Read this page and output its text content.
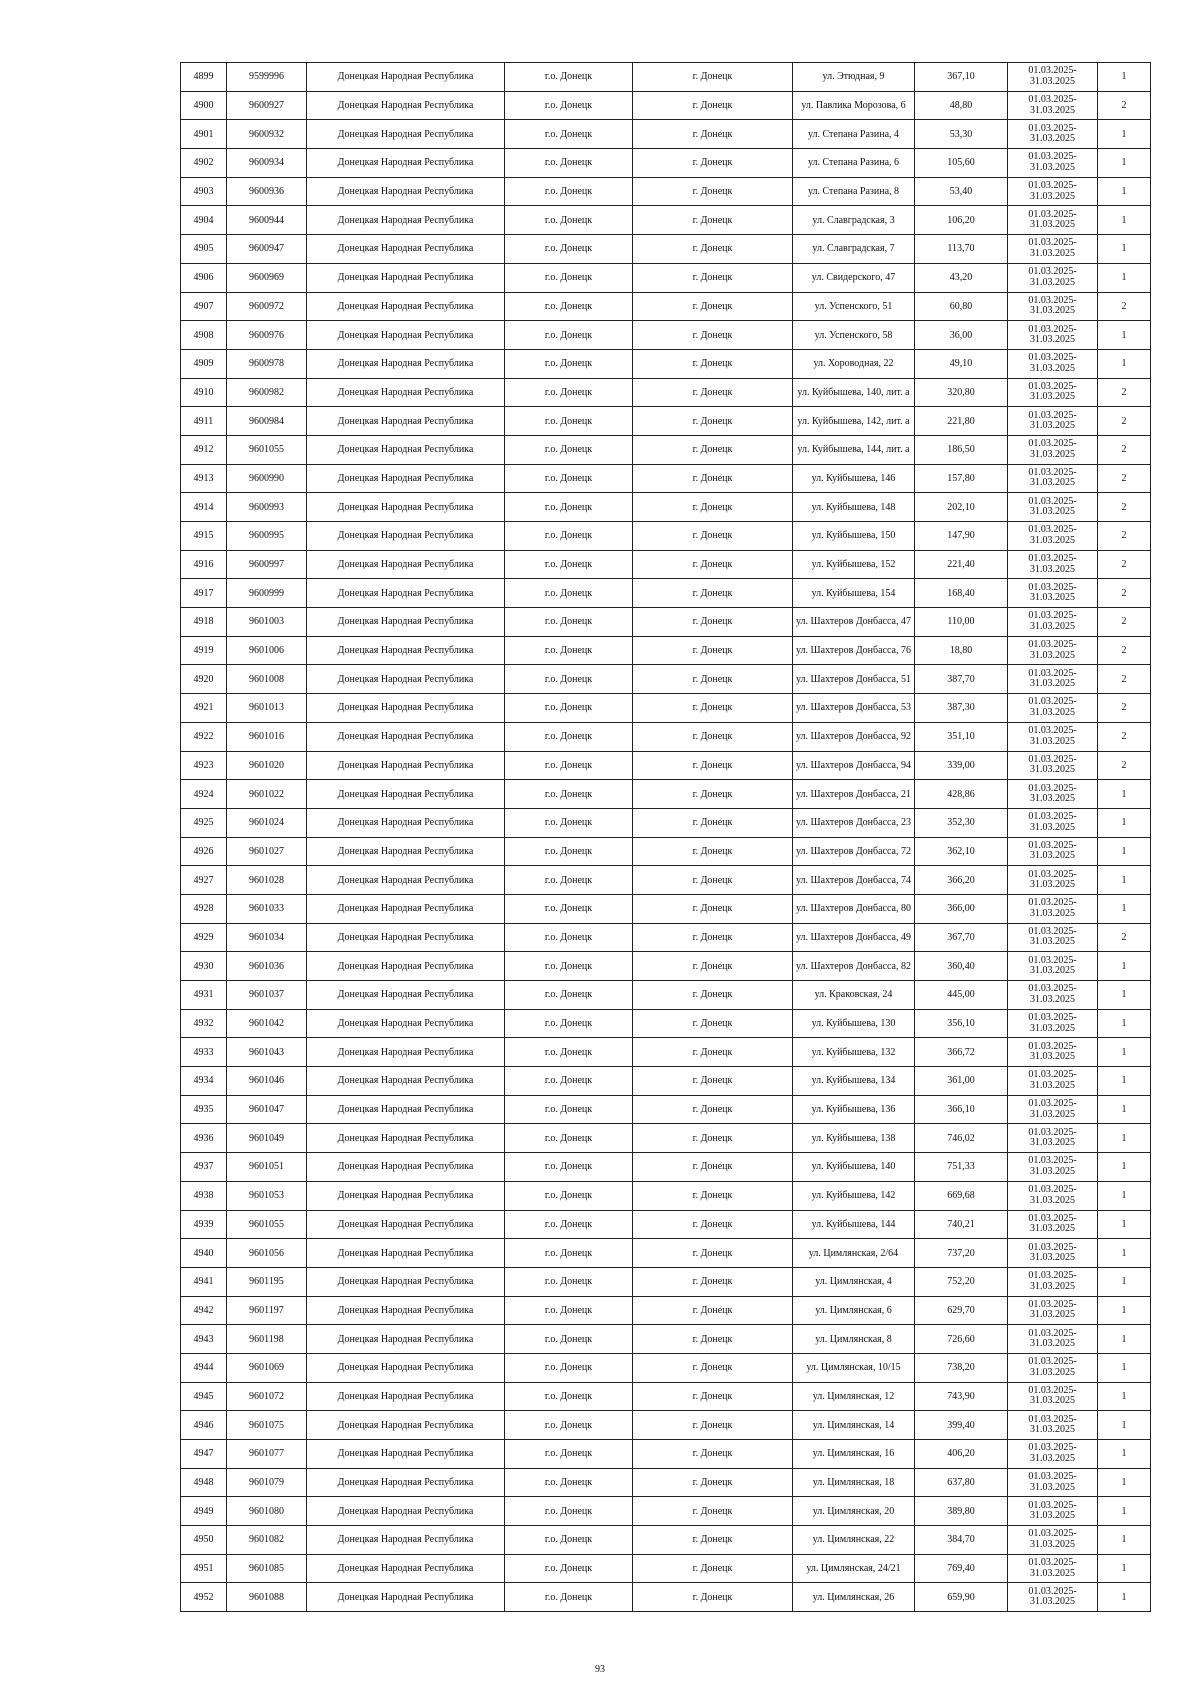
4899	9599996	Донецкая Народная Республика	г.о. Донецк	г. Донецк	ул. Этюдная, 9	367,10	01.03.2025-
31.03.2025	1
4900	9600927	Донецкая Народная Республика	г.о. Донецк	г. Донецк	ул. Павлика Морозова, 6	48,80	01.03.2025-
31.03.2025	2
4901	9600932	Донецкая Народная Республика	г.о. Донецк	г. Донецк	ул. Степана Разина, 4	53,30	01.03.2025-
31.03.2025	1
4902	9600934	Донецкая Народная Республика	г.о. Донецк	г. Донецк	ул. Степана Разина, 6	105,60	01.03.2025-
31.03.2025	1
4903	9600936	Донецкая Народная Республика	г.о. Донецк	г. Донецк	ул. Степана Разина, 8	53,40	01.03.2025-
31.03.2025	1
4904	9600944	Донецкая Народная Республика	г.о. Донецк	г. Донецк	ул. Славградская, 3	106,20	01.03.2025-
31.03.2025	1
4905	9600947	Донецкая Народная Республика	г.о. Донецк	г. Донецк	ул. Славградская, 7	113,70	01.03.2025-
31.03.2025	1
4906	9600969	Донецкая Народная Республика	г.о. Донецк	г. Донецк	ул. Свидерского, 47	43,20	01.03.2025-
31.03.2025	1
4907	9600972	Донецкая Народная Республика	г.о. Донецк	г. Донецк	ул. Успенского, 51	60,80	01.03.2025-
31.03.2025	2
4908	9600976	Донецкая Народная Республика	г.о. Донецк	г. Донецк	ул. Успенского, 58	36,00	01.03.2025-
31.03.2025	1
4909	9600978	Донецкая Народная Республика	г.о. Донецк	г. Донецк	ул. Хороводная, 22	49,10	01.03.2025-
31.03.2025	1
4910	9600982	Донецкая Народная Республика	г.о. Донецк	г. Донецк	ул. Куйбышева, 140, лит. а	320,80	01.03.2025-
31.03.2025	2
4911	9600984	Донецкая Народная Республика	г.о. Донецк	г. Донецк	ул. Куйбышева, 142, лит. а	221,80	01.03.2025-
31.03.2025	2
4912	9601055	Донецкая Народная Республика	г.о. Донецк	г. Донецк	ул. Куйбышева, 144, лит. а	186,50	01.03.2025-
31.03.2025	2
4913	9600990	Донецкая Народная Республика	г.о. Донецк	г. Донецк	ул. Куйбышева, 146	157,80	01.03.2025-
31.03.2025	2
4914	9600993	Донецкая Народная Республика	г.о. Донецк	г. Донецк	ул. Куйбышева, 148	202,10	01.03.2025-
31.03.2025	2
4915	9600995	Донецкая Народная Республика	г.о. Донецк	г. Донецк	ул. Куйбышева, 150	147,90	01.03.2025-
31.03.2025	2
4916	9600997	Донецкая Народная Республика	г.о. Донецк	г. Донецк	ул. Куйбышева, 152	221,40	01.03.2025-
31.03.2025	2
4917	9600999	Донецкая Народная Республика	г.о. Донецк	г. Донецк	ул. Куйбышева, 154	168,40	01.03.2025-
31.03.2025	2
4918	9601003	Донецкая Народная Республика	г.о. Донецк	г. Донецк	ул. Шахтеров Донбасса, 47	110,00	01.03.2025-
31.03.2025	2
4919	9601006	Донецкая Народная Республика	г.о. Донецк	г. Донецк	ул. Шахтеров Донбасса, 76	18,80	01.03.2025-
31.03.2025	2
4920	9601008	Донецкая Народная Республика	г.о. Донецк	г. Донецк	ул. Шахтеров Донбасса, 51	387,70	01.03.2025-
31.03.2025	2
4921	9601013	Донецкая Народная Республика	г.о. Донецк	г. Донецк	ул. Шахтеров Донбасса, 53	387,30	01.03.2025-
31.03.2025	2
4922	9601016	Донецкая Народная Республика	г.о. Донецк	г. Донецк	ул. Шахтеров Донбасса, 92	351,10	01.03.2025-
31.03.2025	2
4923	9601020	Донецкая Народная Республика	г.о. Донецк	г. Донецк	ул. Шахтеров Донбасса, 94	339,00	01.03.2025-
31.03.2025	2
4924	9601022	Донецкая Народная Республика	г.о. Донецк	г. Донецк	ул. Шахтеров Донбасса, 21	428,86	01.03.2025-
31.03.2025	1
4925	9601024	Донецкая Народная Республика	г.о. Донецк	г. Донецк	ул. Шахтеров Донбасса, 23	352,30	01.03.2025-
31.03.2025	1
4926	9601027	Донецкая Народная Республика	г.о. Донецк	г. Донецк	ул. Шахтеров Донбасса, 72	362,10	01.03.2025-
31.03.2025	1
4927	9601028	Донецкая Народная Республика	г.о. Донецк	г. Донецк	ул. Шахтеров Донбасса, 74	366,20	01.03.2025-
31.03.2025	1
4928	9601033	Донецкая Народная Республика	г.о. Донецк	г. Донецк	ул. Шахтеров Донбасса, 80	366,00	01.03.2025-
31.03.2025	1
4929	9601034	Донецкая Народная Республика	г.о. Донецк	г. Донецк	ул. Шахтеров Донбасса, 49	367,70	01.03.2025-
31.03.2025	2
4930	9601036	Донецкая Народная Республика	г.о. Донецк	г. Донецк	ул. Шахтеров Донбасса, 82	360,40	01.03.2025-
31.03.2025	1
4931	9601037	Донецкая Народная Республика	г.о. Донецк	г. Донецк	ул. Краковская, 24	445,00	01.03.2025-
31.03.2025	1
4932	9601042	Донецкая Народная Республика	г.о. Донецк	г. Донецк	ул. Куйбышева, 130	356,10	01.03.2025-
31.03.2025	1
4933	9601043	Донецкая Народная Республика	г.о. Донецк	г. Донецк	ул. Куйбышева, 132	366,72	01.03.2025-
31.03.2025	1
4934	9601046	Донецкая Народная Республика	г.о. Донецк	г. Донецк	ул. Куйбышева, 134	361,00	01.03.2025-
31.03.2025	1
4935	9601047	Донецкая Народная Республика	г.о. Донецк	г. Донецк	ул. Куйбышева, 136	366,10	01.03.2025-
31.03.2025	1
4936	9601049	Донецкая Народная Республика	г.о. Донецк	г. Донецк	ул. Куйбышева, 138	746,02	01.03.2025-
31.03.2025	1
4937	9601051	Донецкая Народная Республика	г.о. Донецк	г. Донецк	ул. Куйбышева, 140	751,33	01.03.2025-
31.03.2025	1
4938	9601053	Донецкая Народная Республика	г.о. Донецк	г. Донецк	ул. Куйбышева, 142	669,68	01.03.2025-
31.03.2025	1
4939	9601055	Донецкая Народная Республика	г.о. Донецк	г. Донецк	ул. Куйбышева, 144	740,21	01.03.2025-
31.03.2025	1
4940	9601056	Донецкая Народная Республика	г.о. Донецк	г. Донецк	ул. Цимлянская, 2/64	737,20	01.03.2025-
31.03.2025	1
4941	9601195	Донецкая Народная Республика	г.о. Донецк	г. Донецк	ул. Цимлянская, 4	752,20	01.03.2025-
31.03.2025	1
4942	9601197	Донецкая Народная Республика	г.о. Донецк	г. Донецк	ул. Цимлянская, 6	629,70	01.03.2025-
31.03.2025	1
4943	9601198	Донецкая Народная Республика	г.о. Донецк	г. Донецк	ул. Цимлянская, 8	726,60	01.03.2025-
31.03.2025	1
4944	9601069	Донецкая Народная Республика	г.о. Донецк	г. Донецк	ул. Цимлянская, 10/15	738,20	01.03.2025-
31.03.2025	1
4945	9601072	Донецкая Народная Республика	г.о. Донецк	г. Донецк	ул. Цимлянская, 12	743,90	01.03.2025-
31.03.2025	1
4946	9601075	Донецкая Народная Республика	г.о. Донецк	г. Донецк	ул. Цимлянская, 14	399,40	01.03.2025-
31.03.2025	1
4947	9601077	Донецкая Народная Республика	г.о. Донецк	г. Донецк	ул. Цимлянская, 16	406,20	01.03.2025-
31.03.2025	1
4948	9601079	Донецкая Народная Республика	г.о. Донецк	г. Донецк	ул. Цимлянская, 18	637,80	01.03.2025-
31.03.2025	1
4949	9601080	Донецкая Народная Республика	г.о. Донецк	г. Донецк	ул. Цимлянская, 20	389,80	01.03.2025-
31.03.2025	1
4950	9601082	Донецкая Народная Республика	г.о. Донецк	г. Донецк	ул. Цимлянская, 22	384,70	01.03.2025-
31.03.2025	1
4951	9601085	Донецкая Народная Республика	г.о. Донецк	г. Донецк	ул. Цимлянская, 24/21	769,40	01.03.2025-
31.03.2025	1
4952	9601088	Донецкая Народная Республика	г.о. Донецк	г. Донецк	ул. Цимлянская, 26	659,90	01.03.2025-
31.03.2025	1
93
